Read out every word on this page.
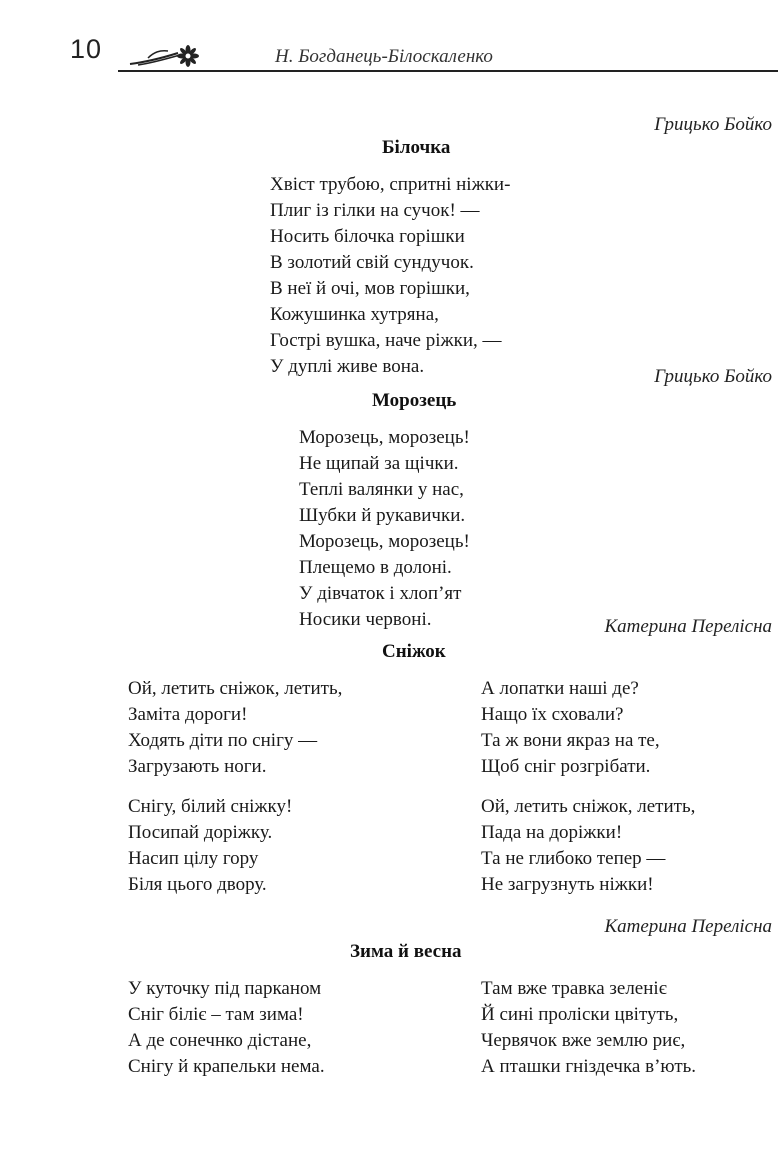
10	Н. Богданець-Білоскаленко
Грицько Бойко
Білочка
Хвіст трубою, спритні ніжки-
Плиг із гілки на сучок! —
Носить білочка горішки
В золотий свій сундучок.
В неї й очі, мов горішки,
Кожушинка хутряна,
Гострі вушка, наче ріжки, —
У дуплі живе вона.	Грицько Бойко
Морозець
Морозець, морозець!
Не щипай за щічки.
Теплі валянки у нас,
Шубки й рукавички.
Морозець, морозець!
Плещемо в долоні.
У дівчаток і хлоп’ят
Носики червоні.	Катерина Перелісна
Сніжок
Ой, летить сніжок, летить,
Заміта дороги!
Ходять діти по снігу —
Загрузають ноги.
Снігу, білий сніжку!
Посипай доріжку.
Насип цілу гору
Біля цього двору.
А лопатки наші де?
Нащо їх сховали?
Та ж вони якраз на те,
Щоб сніг розгрібати.
Ой, летить сніжок, летить,
Пада на доріжки!
Та не глибоко тепер —
Не загрузнуть ніжки!
Катерина Перелісна
Зима й весна
У куточку під парканом
Сніг біліє – там зима!
А де сонечнко дістане,
Снігу й крапельки нема.
Там вже травка зеленіє
Й сині проліски цвітуть,
Червячок вже землю риє,
А пташки гніздечка в’ють.
